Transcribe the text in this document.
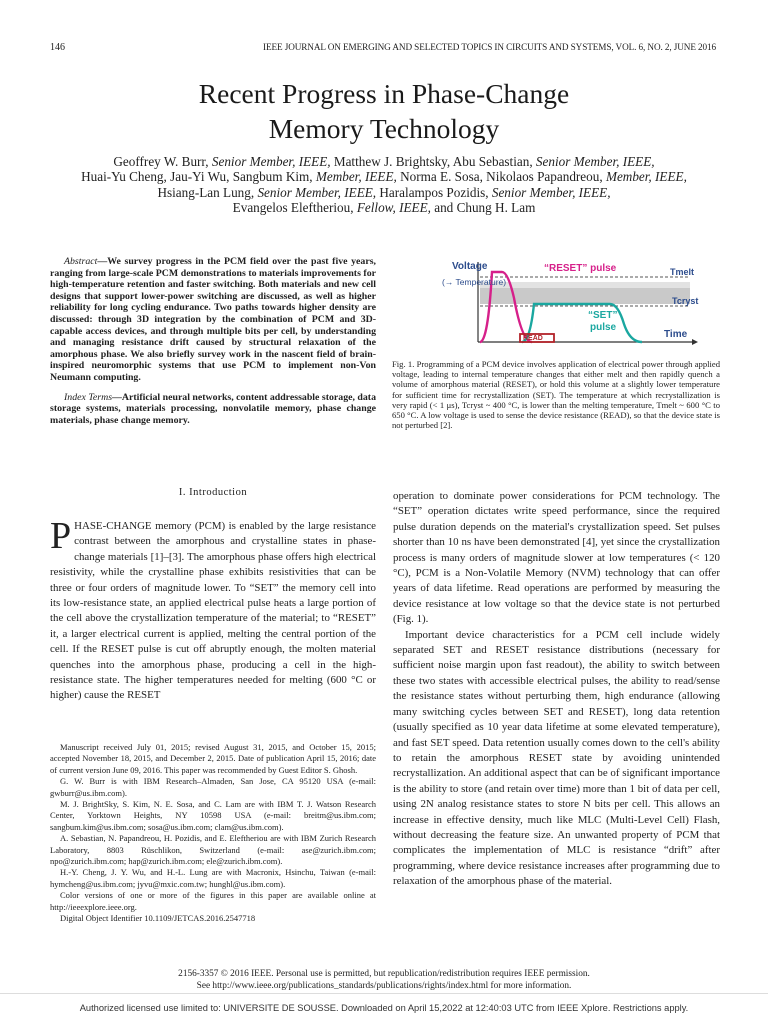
146	IEEE JOURNAL ON EMERGING AND SELECTED TOPICS IN CIRCUITS AND SYSTEMS, VOL. 6, NO. 2, JUNE 2016
Recent Progress in Phase-Change
Memory Technology
Geoffrey W. Burr, Senior Member, IEEE, Matthew J. Brightsky, Abu Sebastian, Senior Member, IEEE,
Huai-Yu Cheng, Jau-Yi Wu, Sangbum Kim, Member, IEEE, Norma E. Sosa, Nikolaos Papandreou, Member, IEEE,
Hsiang-Lan Lung, Senior Member, IEEE, Haralampos Pozidis, Senior Member, IEEE,
Evangelos Eleftheriou, Fellow, IEEE, and Chung H. Lam

Abstract—We survey progress in the PCM field over the past five years, ranging from large-scale PCM demonstrations to materials improvements for high-temperature retention and faster switching. Both materials and new cell designs that support lower-power switching are discussed, as well as higher reliability for long cycling endurance. Two paths towards higher density are discussed: through 3D integration by the combination of PCM and 3D-capable access devices, and through multiple bits per cell, by understanding and managing resistance drift caused by structural relaxation of the amorphous phase. We also briefly survey work in the nascent field of brain-inspired neuromorphic systems that use PCM to implement non-Von Neumann computing.

Index Terms—Artificial neural networks, content addressable storage, data storage systems, materials processing, nonvolatile memory, phase change materials, phase change memory.

Voltage
(→ Temperature)
“RESET” pulse
“SET”
pulse
READ
Tmelt
Tcryst
Time
Fig. 1. Programming of a PCM device involves application of electrical power through applied voltage, leading to internal temperature changes that either melt and then rapidly quench a volume of amorphous material (RESET), or hold this volume at a slightly lower temperature for sufficient time for recrystallization (SET). The temperature at which recrystallization is very rapid (< 1 μs), Tcryst ~ 400 °C, is lower than the melting temperature, Tmelt ~ 600 °C to 650 °C. A low voltage is used to sense the device resistance (READ), so that the device state is not perturbed [2].
I. Introduction

PHASE-CHANGE memory (PCM) is enabled by the large resistance contrast between the amorphous and crystalline states in phase-change materials [1]–[3]. The amorphous phase offers high electrical resistivity, while the crystalline phase exhibits resistivities that can be three or four orders of magnitude lower. To “SET” the memory cell into its low-resistance state, an applied electrical pulse heats a large portion of the cell above the crystallization temperature of the material; to “RESET” it, a larger electrical current is applied, melting the central portion of the cell. If the RESET pulse is cut off abruptly enough, the molten material quenches into the amorphous phase, producing a cell in the high-resistance state. The higher temperatures needed for melting (600 °C or higher) cause the RESET

Manuscript received July 01, 2015; revised August 31, 2015, and October 15, 2015; accepted November 18, 2015, and December 2, 2015. Date of publication April 15, 2016; date of current version June 09, 2016. This paper was recommended by Guest Editor S. Ghosh.

G. W. Burr is with IBM Research–Almaden, San Jose, CA 95120 USA (e-mail: gwburr@us.ibm.com).

M. J. BrightSky, S. Kim, N. E. Sosa, and C. Lam are with IBM T. J. Watson Research Center, Yorktown Heights, NY 10598 USA (e-mail: breitm@us.ibm.com; sangbum.kim@us.ibm.com; sosa@us.ibm.com; clam@us.ibm.com).

A. Sebastian, N. Papandreou, H. Pozidis, and E. Eleftheriou are with IBM Zurich Research Laboratory, 8803 Rüschlikon, Switzerland (e-mail: ase@zurich.ibm.com; npo@zurich.ibm.com; hap@zurich.ibm.com; ele@zurich.ibm.com).

H.-Y. Cheng, J. Y. Wu, and H.-L. Lung are with Macronix, Hsinchu, Taiwan (e-mail: hymcheng@us.ibm.com; jyvu@mxic.com.tw; hunghl@us.ibm.com).

Color versions of one or more of the figures in this paper are available online at http://ieeexplore.ieee.org.

Digital Object Identifier 10.1109/JETCAS.2016.2547718

operation to dominate power considerations for PCM technology. The “SET” operation dictates write speed performance, since the required pulse duration depends on the material's crystallization speed. Set pulses shorter than 10 ns have been demonstrated [4], yet since the crystallization process is many orders of magnitude slower at low temperatures (< 120 °C), PCM is a Non-Volatile Memory (NVM) technology that can offer years of data lifetime. Read operations are performed by measuring the device resistance at low voltage so that the device state is not perturbed (Fig. 1).

Important device characteristics for a PCM cell include widely separated SET and RESET resistance distributions (necessary for sufficient noise margin upon fast readout), the ability to switch between these two states with accessible electrical pulses, the ability to read/sense the resistance states without perturbing them, high endurance (allowing many switching cycles between SET and RESET), long data retention (usually specified as 10 year data lifetime at some elevated temperature), and fast SET speed. Data retention usually comes down to the cell's ability to retain the amorphous RESET state by avoiding unintended recrystallization. An additional aspect that can be of significant importance is the ability to store (and retain over time) more than 1 bit of data per cell, using 2N analog resistance states to store N bits per cell. This allows an increase in effective density, much like MLC (Multi-Level Cell) Flash, without decreasing the feature size. An unwanted property of PCM that complicates the implementation of MLC is resistance “drift” after programming, where device resistance increases after programming due to relaxation of the amorphous phase of the material.

2156-3357 © 2016 IEEE. Personal use is permitted, but republication/redistribution requires IEEE permission.
See http://www.ieee.org/publications_standards/publications/rights/index.html for more information.
Authorized licensed use limited to: UNIVERSITE DE SOUSSE. Downloaded on April 15,2022 at 12:40:03 UTC from IEEE Xplore. Restrictions apply.
